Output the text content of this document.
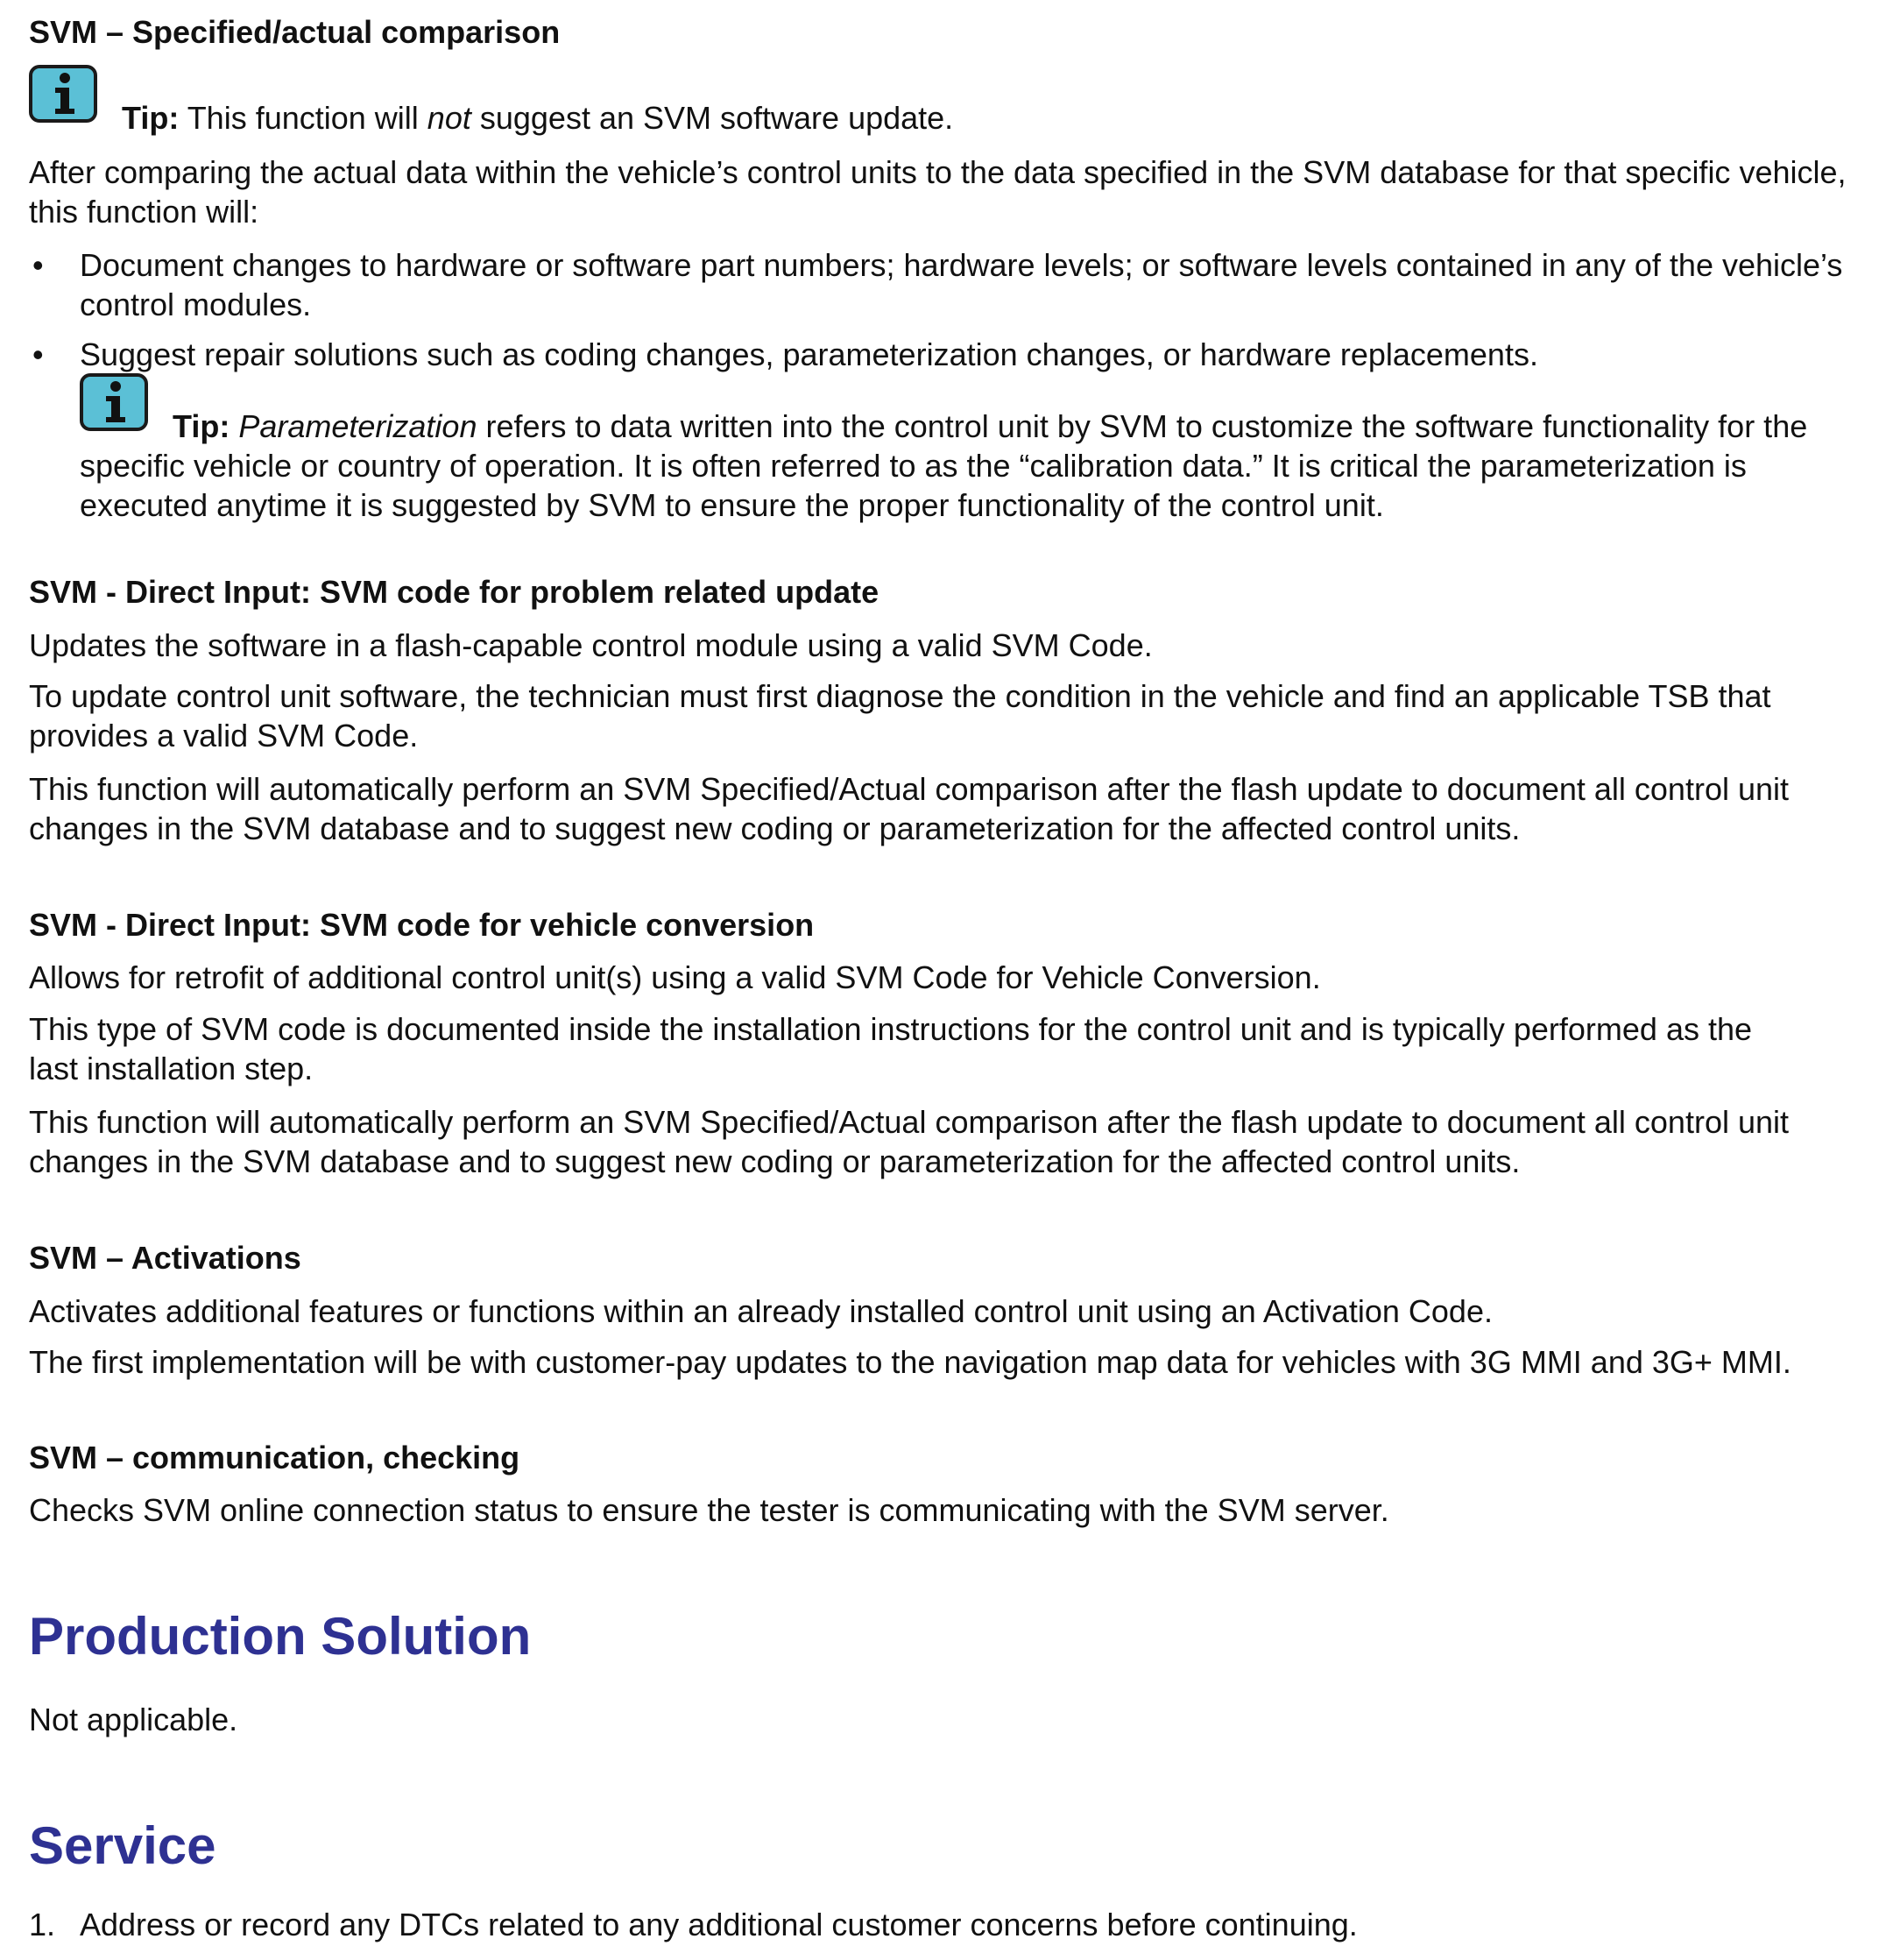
SVM – Specified/actual comparison

Tip: This function will not suggest an SVM software update.

After comparing the actual data within the vehicle’s control units to the data specified in the SVM database for that specific vehicle, this function will:

• Document changes to hardware or software part numbers; hardware levels; or software levels contained in any of the vehicle’s control modules.
• Suggest repair solutions such as coding changes, parameterization changes, or hardware replacements.

Tip: Parameterization refers to data written into the control unit by SVM to customize the software functionality for the specific vehicle or country of operation. It is often referred to as the “calibration data.” It is critical the parameterization is executed anytime it is suggested by SVM to ensure the proper functionality of the control unit.

SVM - Direct Input: SVM code for problem related update

Updates the software in a flash-capable control module using a valid SVM Code.

To update control unit software, the technician must first diagnose the condition in the vehicle and find an applicable TSB that provides a valid SVM Code.

This function will automatically perform an SVM Specified/Actual comparison after the flash update to document all control unit changes in the SVM database and to suggest new coding or parameterization for the affected control units.

SVM - Direct Input: SVM code for vehicle conversion

Allows for retrofit of additional control unit(s) using a valid SVM Code for Vehicle Conversion.

This type of SVM code is documented inside the installation instructions for the control unit and is typically performed as the last installation step.

This function will automatically perform an SVM Specified/Actual comparison after the flash update to document all control unit changes in the SVM database and to suggest new coding or parameterization for the affected control units.

SVM – Activations

Activates additional features or functions within an already installed control unit using an Activation Code.

The first implementation will be with customer-pay updates to the navigation map data for vehicles with 3G MMI and 3G+ MMI.

SVM – communication, checking

Checks SVM online connection status to ensure the tester is communicating with the SVM server.

Production Solution

Not applicable.

Service
1. Address or record any DTCs related to any additional customer concerns before continuing.
